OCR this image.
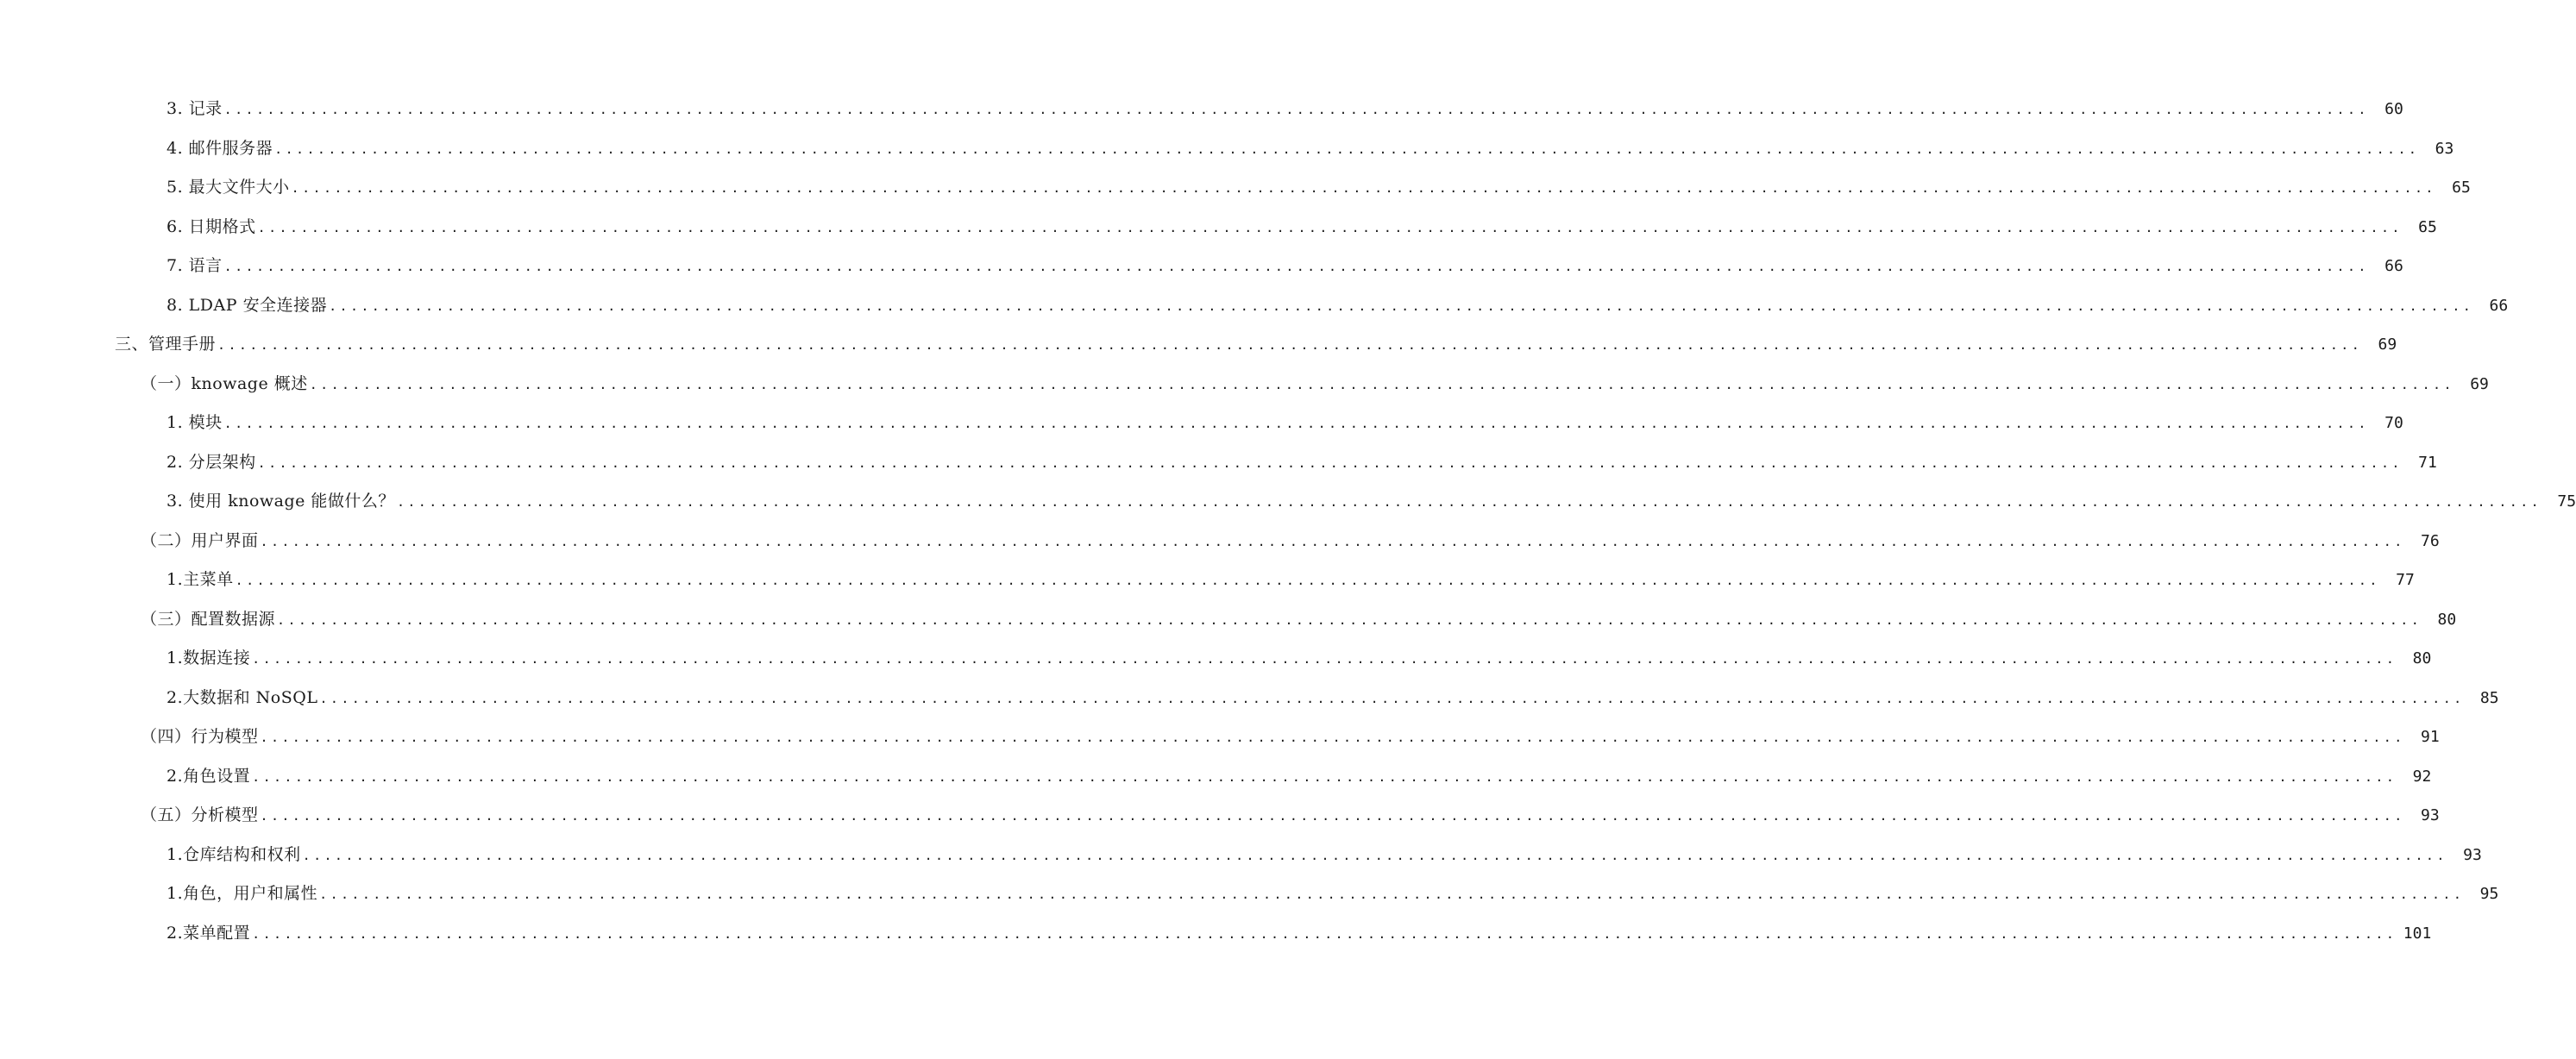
3. 记录 ........................................................................................................................................................................................................	60
4. 邮件服务器 ........................................................................................................................................................................................................	63
5. 最大文件大小 ........................................................................................................................................................................................................	65
6. 日期格式 ........................................................................................................................................................................................................	65
7. 语言 ........................................................................................................................................................................................................	66
8. LDAP 安全连接器 ........................................................................................................................................................................................................	66
三、管理手册 ........................................................................................................................................................................................................	69
（一）knowage 概述 ........................................................................................................................................................................................................	69
1. 模块 ........................................................................................................................................................................................................	70
2. 分层架构 ........................................................................................................................................................................................................	71
3. 使用 knowage 能做什么？ ........................................................................................................................................................................................................	75
（二）用户界面 ........................................................................................................................................................................................................	76
1.主菜单 ........................................................................................................................................................................................................	77
（三）配置数据源 ........................................................................................................................................................................................................	80
1.数据连接 ........................................................................................................................................................................................................	80
2.大数据和 NoSQL ........................................................................................................................................................................................................	85
（四）行为模型 ........................................................................................................................................................................................................	91
2.角色设置 ........................................................................................................................................................................................................	92
（五）分析模型 ........................................................................................................................................................................................................	93
1.仓库结构和权利 ........................................................................................................................................................................................................	93
1.角色，用户和属性 ........................................................................................................................................................................................................	95
2.菜单配置 ........................................................................................................................................................................................................ 101
